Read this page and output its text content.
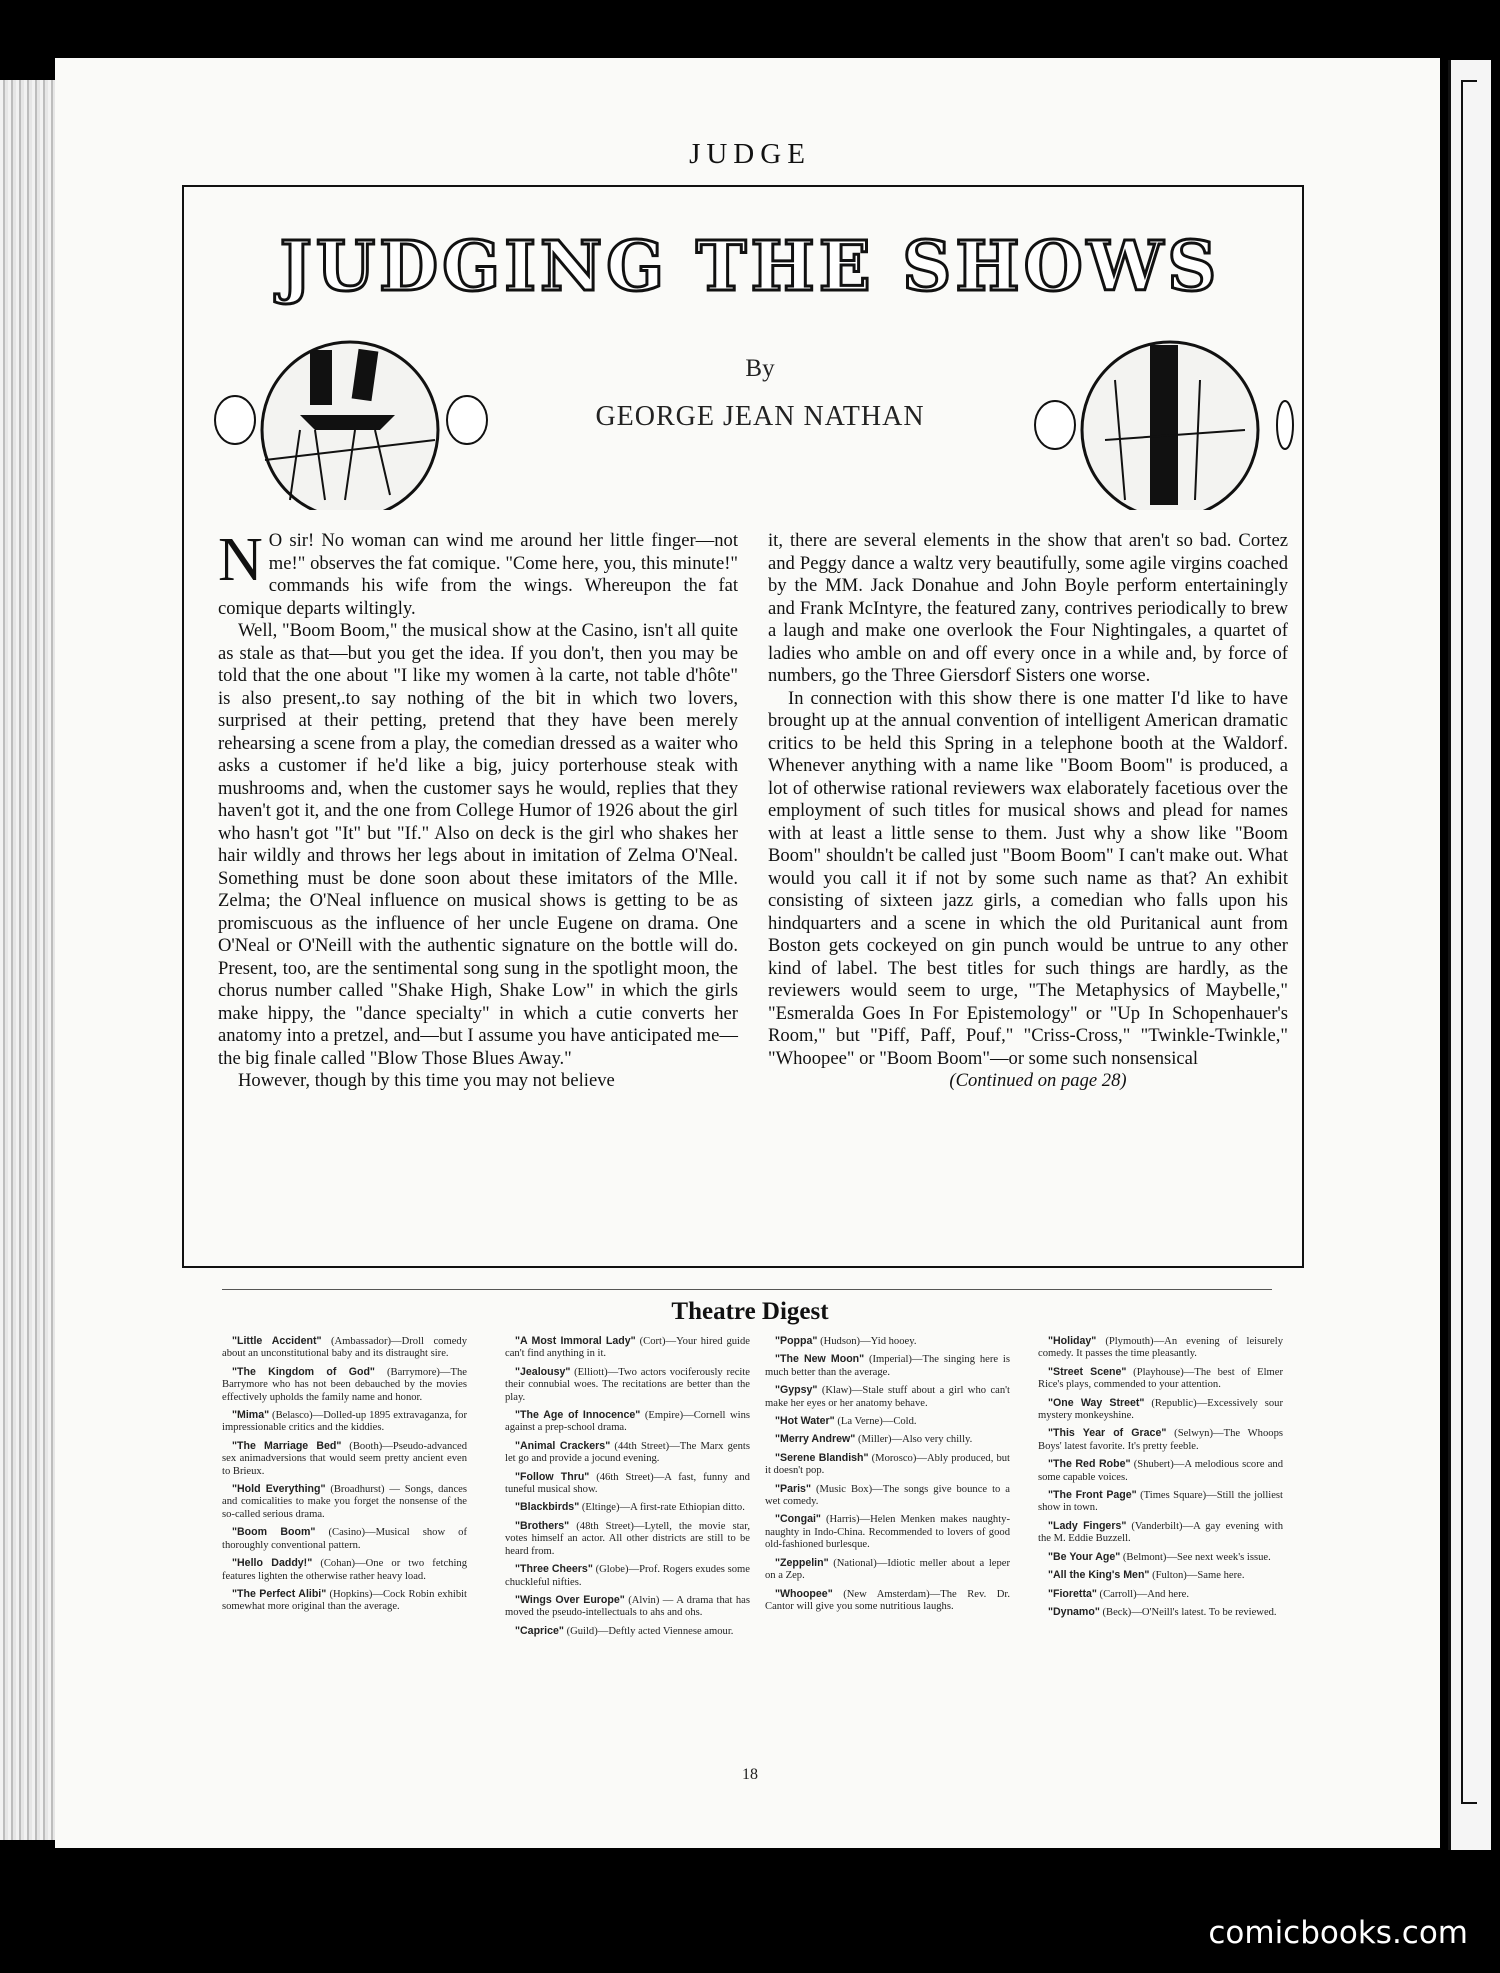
JUDGE
JUDGING THE SHOWS
By
GEORGE JEAN NATHAN

N O sir! No woman can wind me around her little finger—not me!" observes the fat comique. "Come here, you, this minute!" commands his wife from the wings. Whereupon the fat comique departs wiltingly.

Well, "Boom Boom," the musical show at the Casino, isn't all quite as stale as that—but you get the idea. If you don't, then you may be told that the one about "I like my women à la carte, not table d'hôte" is also present,.to say nothing of the bit in which two lovers, surprised at their petting, pretend that they have been merely rehearsing a scene from a play, the comedian dressed as a waiter who asks a customer if he'd like a big, juicy porterhouse steak with mushrooms and, when the customer says he would, replies that they haven't got it, and the one from College Humor of 1926 about the girl who hasn't got "It" but "If." Also on deck is the girl who shakes her hair wildly and throws her legs about in imitation of Zelma O'Neal. Something must be done soon about these imitators of the Mlle. Zelma; the O'Neal influence on musical shows is getting to be as promiscuous as the influence of her uncle Eugene on drama. One O'Neal or O'Neill with the authentic signature on the bottle will do. Present, too, are the sentimental song sung in the spotlight moon, the chorus number called "Shake High, Shake Low" in which the girls make hippy, the "dance specialty" in which a cutie converts her anatomy into a pretzel, and—but I assume you have anticipated me—the big finale called "Blow Those Blues Away."

However, though by this time you may not believe

it, there are several elements in the show that aren't so bad. Cortez and Peggy dance a waltz very beautifully, some agile virgins coached by the MM. Jack Donahue and John Boyle perform entertainingly and Frank McIntyre, the featured zany, contrives periodically to brew a laugh and make one overlook the Four Nightingales, a quartet of ladies who amble on and off every once in a while and, by force of numbers, go the Three Giersdorf Sisters one worse.

In connection with this show there is one matter I'd like to have brought up at the annual convention of intelligent American dramatic critics to be held this Spring in a telephone booth at the Waldorf. Whenever anything with a name like "Boom Boom" is produced, a lot of otherwise rational reviewers wax elaborately facetious over the employment of such titles for musical shows and plead for names with at least a little sense to them. Just why a show like "Boom Boom" shouldn't be called just "Boom Boom" I can't make out. What would you call it if not by some such name as that? An exhibit consisting of sixteen jazz girls, a comedian who falls upon his hindquarters and a scene in which the old Puritanical aunt from Boston gets cockeyed on gin punch would be untrue to any other kind of label. The best titles for such things are hardly, as the reviewers would seem to urge, "The Metaphysics of Maybelle," "Esmeralda Goes In For Epistemology" or "Up In Schopenhauer's Room," but "Piff, Paff, Pouf," "Criss-Cross," "Twinkle-Twinkle," "Whoopee" or "Boom Boom"—or some such nonsensical

(Continued on page 28)

Theatre Digest

"Little Accident" (Ambassador)—Droll comedy about an unconstitutional baby and its distraught sire.

"The Kingdom of God" (Barrymore)—The Barrymore who has not been debauched by the movies effectively upholds the family name and honor.

"Mima" (Belasco)—Dolled-up 1895 extravaganza, for impressionable critics and the kiddies.

"The Marriage Bed" (Booth)—Pseudo-advanced sex animadversions that would seem pretty ancient even to Brieux.

"Hold Everything" (Broadhurst) — Songs, dances and comicalities to make you forget the nonsense of the so-called serious drama.

"Boom Boom" (Casino)—Musical show of thoroughly conventional pattern.

"Hello Daddy!" (Cohan)—One or two fetching features lighten the otherwise rather heavy load.

"The Perfect Alibi" (Hopkins)—Cock Robin exhibit somewhat more original than the average.

"A Most Immoral Lady" (Cort)—Your hired guide can't find anything in it.

"Jealousy" (Elliott)—Two actors vociferously recite their connubial woes. The recitations are better than the play.

"The Age of Innocence" (Empire)—Cornell wins against a prep-school drama.

"Animal Crackers" (44th Street)—The Marx gents let go and provide a jocund evening.

"Follow Thru" (46th Street)—A fast, funny and tuneful musical show.

"Blackbirds" (Eltinge)—A first-rate Ethiopian ditto.

"Brothers" (48th Street)—Lytell, the movie star, votes himself an actor. All other districts are still to be heard from.

"Three Cheers" (Globe)—Prof. Rogers exudes some chuckleful nifties.

"Wings Over Europe" (Alvin) — A drama that has moved the pseudo-intellectuals to ahs and ohs.

"Caprice" (Guild)—Deftly acted Viennese amour.

"Poppa" (Hudson)—Yid hooey.

"The New Moon" (Imperial)—The singing here is much better than the average.

"Gypsy" (Klaw)—Stale stuff about a girl who can't make her eyes or her anatomy behave.

"Hot Water" (La Verne)—Cold.

"Merry Andrew" (Miller)—Also very chilly.

"Serene Blandish" (Morosco)—Ably produced, but it doesn't pop.

"Paris" (Music Box)—The songs give bounce to a wet comedy.

"Congai" (Harris)—Helen Menken makes naughty-naughty in Indo-China. Recommended to lovers of good old-fashioned burlesque.

"Zeppelin" (National)—Idiotic meller about a leper on a Zep.

"Whoopee" (New Amsterdam)—The Rev. Dr. Cantor will give you some nutritious laughs.

"Holiday" (Plymouth)—An evening of leisurely comedy. It passes the time pleasantly.

"Street Scene" (Playhouse)—The best of Elmer Rice's plays, commended to your attention.

"One Way Street" (Republic)—Excessively sour mystery monkeyshine.

"This Year of Grace" (Selwyn)—The Whoops Boys' latest favorite. It's pretty feeble.

"The Red Robe" (Shubert)—A melodious score and some capable voices.

"The Front Page" (Times Square)—Still the jolliest show in town.

"Lady Fingers" (Vanderbilt)—A gay evening with the M. Eddie Buzzell.

"Be Your Age" (Belmont)—See next week's issue.

"All the King's Men" (Fulton)—Same here.

"Fioretta" (Carroll)—And here.

"Dynamo" (Beck)—O'Neill's latest. To be reviewed.

18
comicbooks.com
